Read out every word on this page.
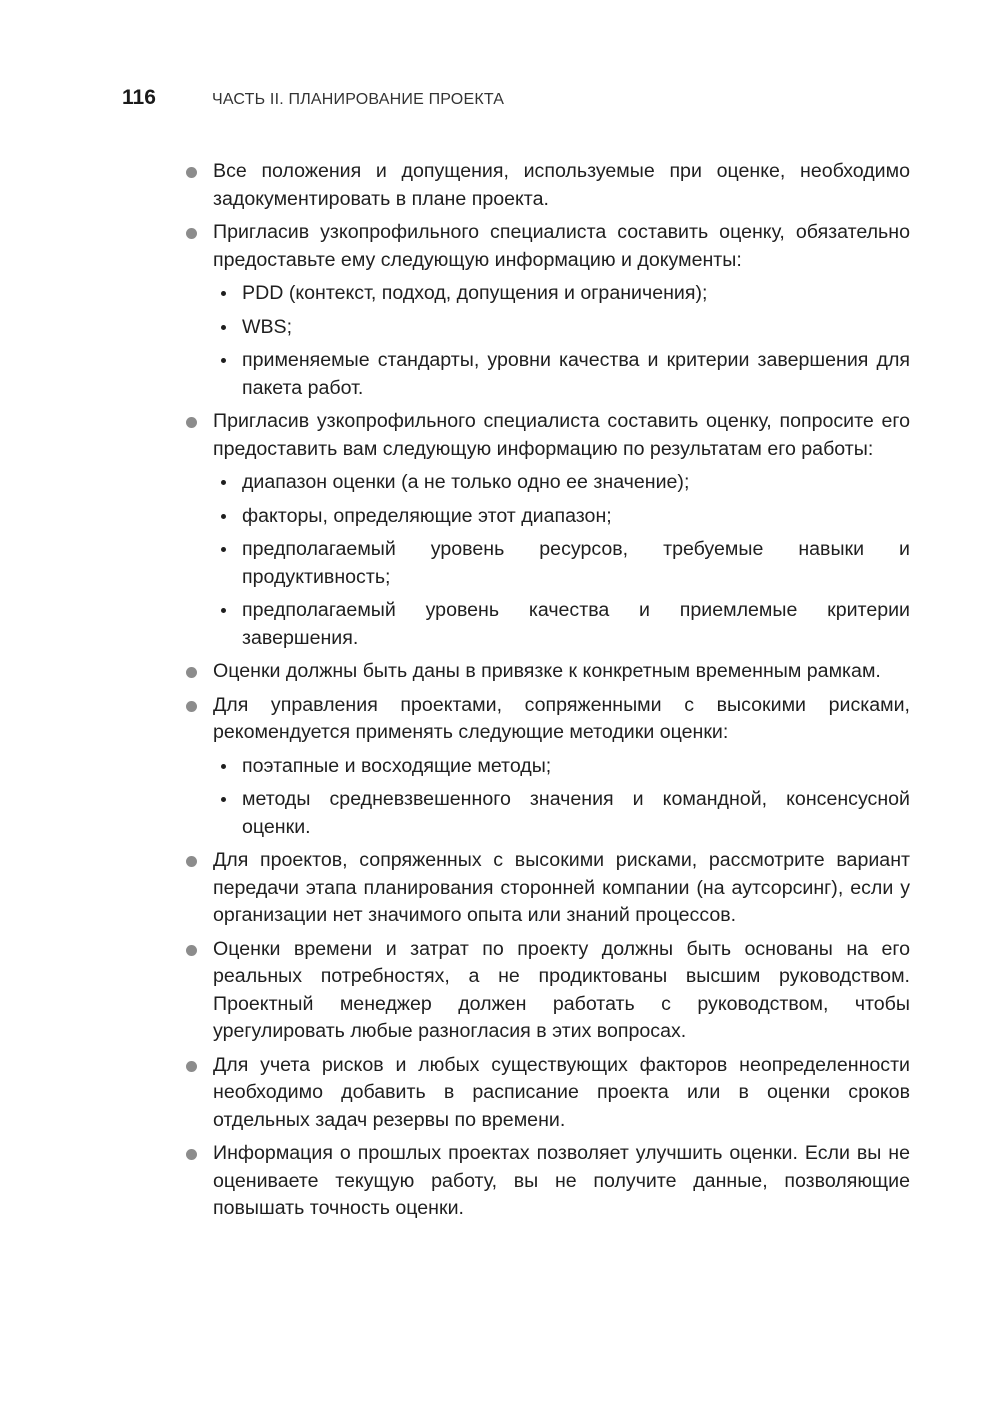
116	ЧАСТЬ II. ПЛАНИРОВАНИЕ ПРОЕКТА
Все положения и допущения, используемые при оценке, необходимо задокументировать в плане проекта.
Пригласив узкопрофильного специалиста составить оценку, обязательно предоставьте ему следующую информацию и документы:
PDD (контекст, подход, допущения и ограничения);
WBS;
применяемые стандарты, уровни качества и критерии завершения для пакета работ.
Пригласив узкопрофильного специалиста составить оценку, попросите его предоставить вам следующую информацию по результатам его работы:
диапазон оценки (а не только одно ее значение);
факторы, определяющие этот диапазон;
предполагаемый уровень ресурсов, требуемые навыки и продуктивность;
предполагаемый уровень качества и приемлемые критерии завершения.
Оценки должны быть даны в привязке к конкретным временным рамкам.
Для управления проектами, сопряженными с высокими рисками, рекомендуется применять следующие методики оценки:
поэтапные и восходящие методы;
методы средневзвешенного значения и командной, консенсусной оценки.
Для проектов, сопряженных с высокими рисками, рассмотрите вариант передачи этапа планирования сторонней компании (на аутсорсинг), если у организации нет значимого опыта или знаний процессов.
Оценки времени и затрат по проекту должны быть основаны на его реальных потребностях, а не продиктованы высшим руководством. Проектный менеджер должен работать с руководством, чтобы урегулировать любые разногласия в этих вопросах.
Для учета рисков и любых существующих факторов неопределенности необходимо добавить в расписание проекта или в оценки сроков отдельных задач резервы по времени.
Информация о прошлых проектах позволяет улучшить оценки. Если вы не оцениваете текущую работу, вы не получите данные, позволяющие повышать точность оценки.
